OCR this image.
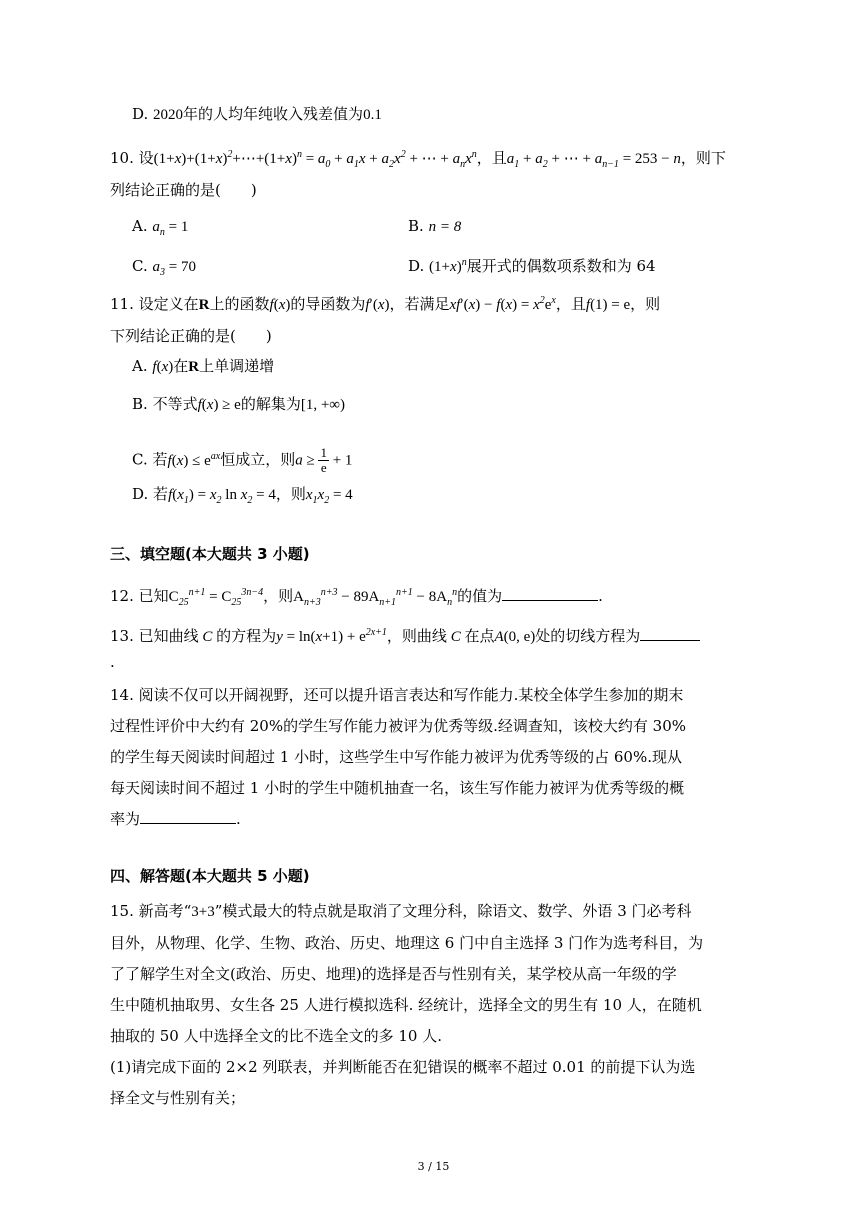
D. 2020年的人均年纯收入残差值为0.1
10. 设$(1+x)+(1+x)^2+\cdots+(1+x)^n = a_0 + a_1x + a_2x^2$ + ⋯ + $a_nx^n$，且$a_1 + a_2$ + ⋯ + $a_{n-1} = 253 - n$，则下
列结论正确的是(　　)
A. $a_n = 1$	B. n = 8
C. $a_3 = 70$	D. $(1+x)^n$展开式的偶数项系数和为 64
11. 设定义在R上的函数f(x)的导函数为f′(x)，若满足$xf'(x) - f(x) = x^2e^x$，且f(1) = e，则
下列结论正确的是(　　)
A. f(x)在R上单调递增
B. 不等式f(x) ≥ e的解集为[1, +∞)
C. 若$f(x) \le e^{ax}$恒成立，则$a \ge \frac{1}{e} + 1$
D. 若$f(x_1) = x_2$ $\ln x_2 = 4$，则$x_1x_2 = 4$
三、填空题(本大题共 3 小题)
12. 已知$C_{25}^{n+1} = C_{25}^{3n-4}$，则$A_{n+3}^{n+3} - 89A_{n+1}^{n+1} - 8A_n^n$的值为	.
13. 已知曲线 C 的方程为$y = \ln(x+1) + e^{2x+1}$，则曲线 C 在点A(0, e)处的切线方程为
.
14. 阅读不仅可以开阔视野，还可以提升语言表达和写作能力.某校全体学生参加的期末
过程性评价中大约有 20%的学生写作能力被评为优秀等级.经调查知，该校大约有 30%
的学生每天阅读时间超过 1 小时，这些学生中写作能力被评为优秀等级的占 60%.现从
每天阅读时间不超过 1 小时的学生中随机抽查一名，该生写作能力被评为优秀等级的概
率为	.
四、解答题(本大题共 5 小题)
15. 新高考“3+3”模式最大的特点就是取消了文理分科，除语文、数学、外语 3 门必考科
目外，从物理、化学、生物、政治、历史、地理这 6 门中自主选择 3 门作为选考科目，为
了了解学生对全文(政治、历史、地理)的选择是否与性别有关，某学校从高一年级的学
生中随机抽取男、女生各 25 人进行模拟选科. 经统计，选择全文的男生有 10 人，在随机
抽取的 50 人中选择全文的比不选全文的多 10 人.
(1)请完成下面的 2×2 列联表，并判断能否在犯错误的概率不超过 0.01 的前提下认为选
择全文与性别有关；
3 / 15
